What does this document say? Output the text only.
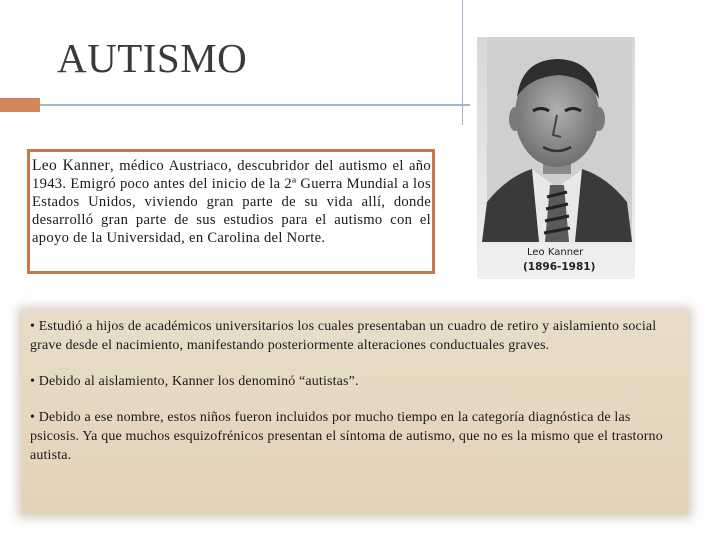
AUTISMO
Leo Kanner, médico Austriaco, descubridor del autismo el año 1943. Emigró poco antes del inicio de la 2ª Guerra Mundial a los Estados Unidos, viviendo gran parte de su vida allí, donde desarrolló gran parte de sus estudios para el autismo con el apoyo de la Universidad, en Carolina del Norte.
Leo Kanner
(1896-1981)

• Estudió a hijos de académicos universitarios los cuales presentaban un cuadro de retiro y aislamiento social grave desde el nacimiento, manifestando posteriormente alteraciones conductuales graves.

• Debido al aislamiento, Kanner los denominó “autistas”.

• Debido a ese nombre, estos niños fueron incluidos por mucho tiempo en la categoría diagnóstica de las psicosis. Ya que muchos esquizofrénicos presentan el síntoma de autismo, que no es la mismo que el trastorno autista.
